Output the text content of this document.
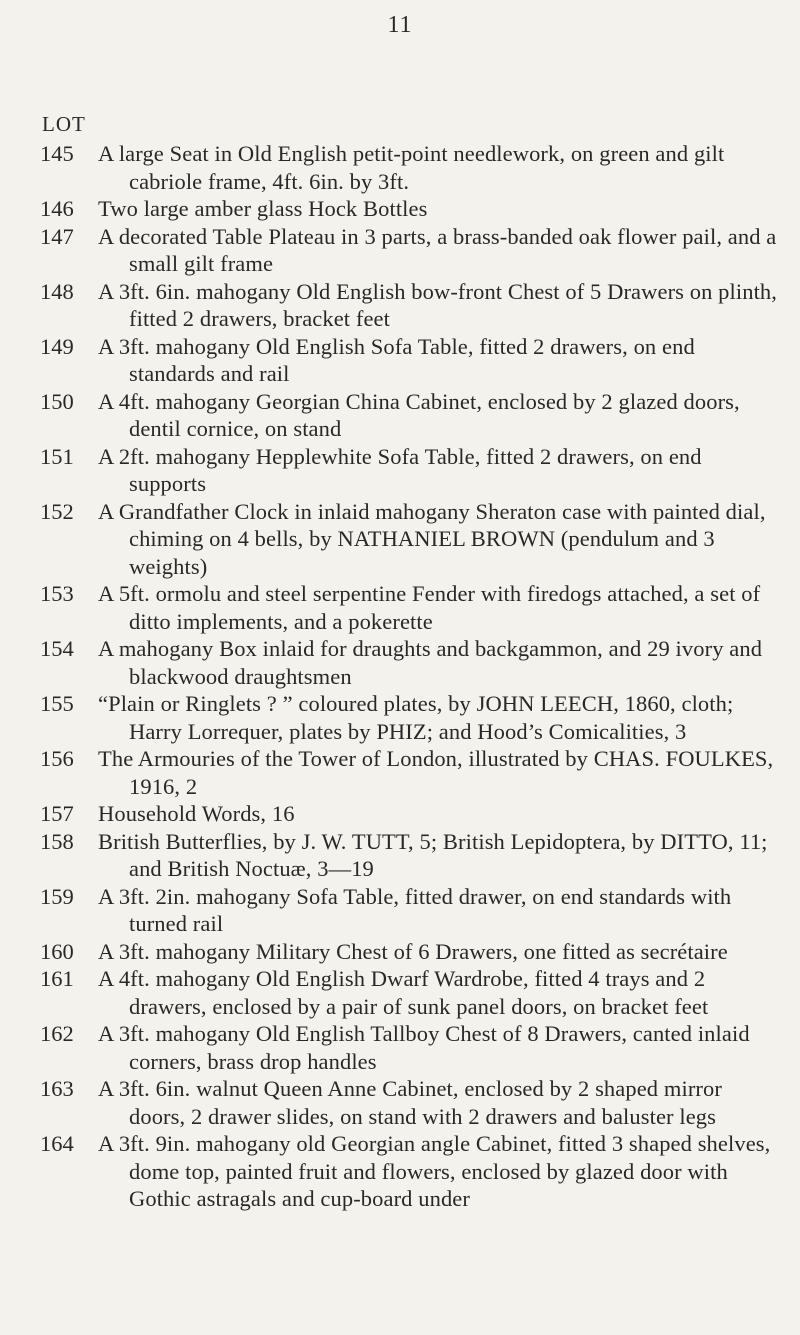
11
LOT
145	A large Seat in Old English petit-point needlework, on green and gilt cabriole frame, 4ft. 6in. by 3ft.
146	Two large amber glass Hock Bottles
147	A decorated Table Plateau in 3 parts, a brass-banded oak flower pail, and a small gilt frame
148	A 3ft. 6in. mahogany Old English bow-front Chest of 5 Drawers on plinth, fitted 2 drawers, bracket feet
149	A 3ft. mahogany Old English Sofa Table, fitted 2 drawers, on end standards and rail
150	A 4ft. mahogany Georgian China Cabinet, enclosed by 2 glazed doors, dentil cornice, on stand
151	A 2ft. mahogany Hepplewhite Sofa Table, fitted 2 drawers, on end supports
152	A Grandfather Clock in inlaid mahogany Sheraton case with painted dial, chiming on 4 bells, by NATHANIEL BROWN (pendulum and 3 weights)
153	A 5ft. ormolu and steel serpentine Fender with firedogs attached, a set of ditto implements, and a pokerette
154	A mahogany Box inlaid for draughts and backgammon, and 29 ivory and blackwood draughtsmen
155	“Plain or Ringlets ? ” coloured plates, by JOHN LEECH, 1860, cloth; Harry Lorrequer, plates by PHIZ; and Hood’s Comicalities, 3
156	The Armouries of the Tower of London, illustrated by CHAS. FOULKES, 1916, 2
157	Household Words, 16
158	British Butterflies, by J. W. TUTT, 5; British Lepidoptera, by DITTO, 11; and British Noctuæ, 3—19
159	A 3ft. 2in. mahogany Sofa Table, fitted drawer, on end standards with turned rail
160	A 3ft. mahogany Military Chest of 6 Drawers, one fitted as secrétaire
161	A 4ft. mahogany Old English Dwarf Wardrobe, fitted 4 trays and 2 drawers, enclosed by a pair of sunk panel doors, on bracket feet
162	A 3ft. mahogany Old English Tallboy Chest of 8 Drawers, canted inlaid corners, brass drop handles
163	A 3ft. 6in. walnut Queen Anne Cabinet, enclosed by 2 shaped mirror doors, 2 drawer slides, on stand with 2 drawers and baluster legs
164	A 3ft. 9in. mahogany old Georgian angle Cabinet, fitted 3 shaped shelves, dome top, painted fruit and flowers, enclosed by glazed door with Gothic astragals and cup-board under
